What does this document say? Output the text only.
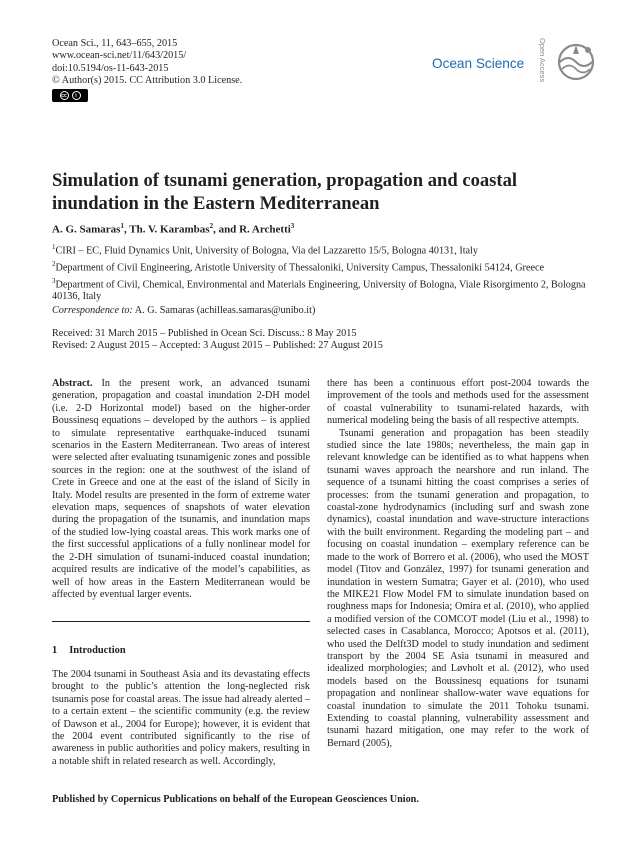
Ocean Sci., 11, 643–655, 2015
www.ocean-sci.net/11/643/2015/
doi:10.5194/os-11-643-2015
© Author(s) 2015. CC Attribution 3.0 License.
cc	i
Ocean Science Open Access
Simulation of tsunami generation, propagation and coastal inundation in the Eastern Mediterranean
A. G. Samaras$^1$, Th. V. Karambas$^2$, and R. Archetti$^3$
$^1$CIRI – EC, Fluid Dynamics Unit, University of Bologna, Via del Lazzaretto 15/5, Bologna 40131, Italy
$^2$Department of Civil Engineering, Aristotle University of Thessaloniki, University Campus, Thessaloniki 54124, Greece
$^3$Department of Civil, Chemical, Environmental and Materials Engineering, University of Bologna, Viale Risorgimento 2, Bologna 40136, Italy
Correspondence to: A. G. Samaras (achilleas.samaras@unibo.it)
Received: 31 March 2015 – Published in Ocean Sci. Discuss.: 8 May 2015
Revised: 2 August 2015 – Accepted: 3 August 2015 – Published: 27 August 2015

Abstract. In the present work, an advanced tsunami generation, propagation and coastal inundation 2-DH model (i.e. 2-D Horizontal model) based on the higher-order Boussinesq equations – developed by the authors – is applied to simulate representative earthquake-induced tsunami scenarios in the Eastern Mediterranean. Two areas of interest were selected after evaluating tsunamigenic zones and possible sources in the region: one at the southwest of the island of Crete in Greece and one at the east of the island of Sicily in Italy. Model results are presented in the form of extreme water elevation maps, sequences of snapshots of water elevation during the propagation of the tsunamis, and inundation maps of the studied low-lying coastal areas. This work marks one of the first successful applications of a fully nonlinear model for the 2-DH simulation of tsunami-induced coastal inundation; acquired results are indicative of the model’s capabilities, as well of how areas in the Eastern Mediterranean would be affected by eventual larger events.

1 Introduction

The 2004 tsunami in Southeast Asia and its devastating effects brought to the public’s attention the long-neglected risk tsunamis pose for coastal areas. The issue had already alerted – to a certain extent – the scientific community (e.g. the review of Dawson et al., 2004 for Europe); however, it is evident that the 2004 event contributed significantly to the rise of awareness in public authorities and policy makers, resulting in a notable shift in related research as well. Accordingly,

there has been a continuous effort post-2004 towards the improvement of the tools and methods used for the assessment of coastal vulnerability to tsunami-related hazards, with numerical modeling being the basis of all respective attempts.

Tsunami generation and propagation has been steadily studied since the late 1980s; nevertheless, the main gap in relevant knowledge can be identified as to what happens when tsunami waves approach the nearshore and run inland. The sequence of a tsunami hitting the coast comprises a series of processes: from the tsunami generation and propagation, to coastal-zone hydrodynamics (including surf and swash zone dynamics), coastal inundation and wave-structure interactions with the built environment. Regarding the modeling part – and focusing on coastal inundation – exemplary reference can be made to the work of Borrero et al. (2006), who used the MOST model (Titov and González, 1997) for tsunami generation and inundation in western Sumatra; Gayer et al. (2010), who used the MIKE21 Flow Model FM to simulate inundation based on roughness maps for Indonesia; Omira et al. (2010), who applied a modified version of the COMCOT model (Liu et al., 1998) to selected cases in Casablanca, Morocco; Apotsos et al. (2011), who used the Delft3D model to study inundation and sediment transport by the 2004 SE Asia tsunami in measured and idealized morphologies; and Løvholt et al. (2012), who used models based on the Boussinesq equations for tsunami propagation and nonlinear shallow-water wave equations for coastal inundation to simulate the 2011 Tohoku tsunami. Extending to coastal planning, vulnerability assessment and tsunami hazard mitigation, one may refer to the work of Bernard (2005),

Published by Copernicus Publications on behalf of the European Geosciences Union.
